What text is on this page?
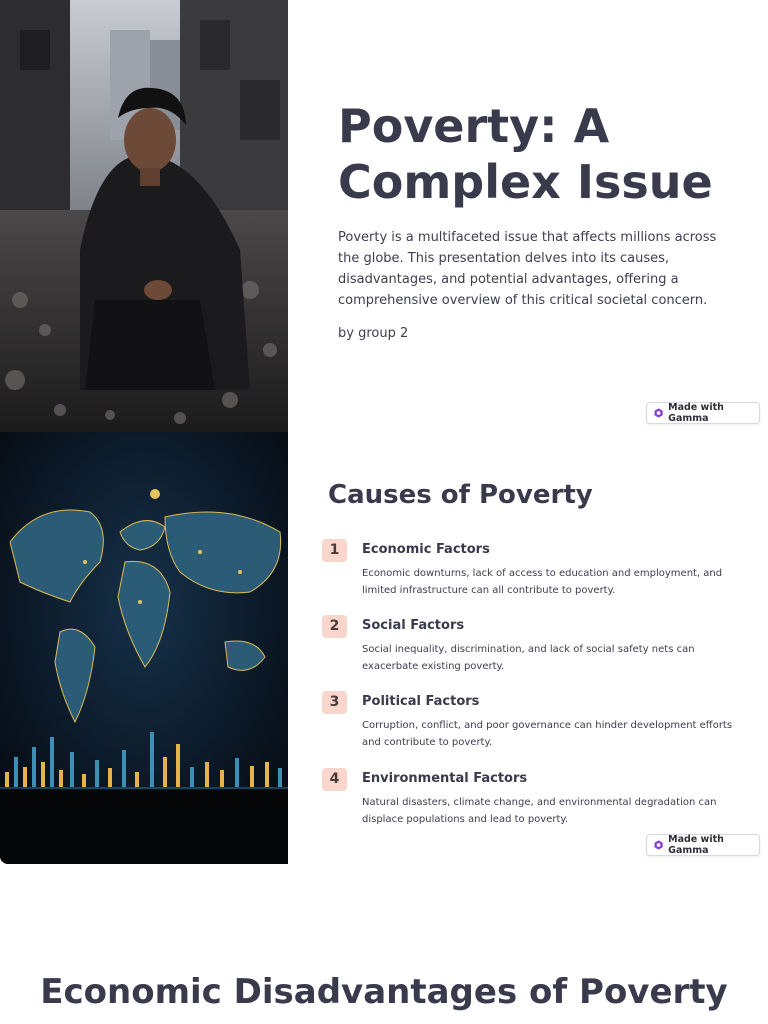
Poverty: A Complex Issue

Poverty is a multifaceted issue that affects millions across the globe. This presentation delves into its causes, disadvantages, and potential advantages, offering a comprehensive overview of this critical societal concern.

by group 2
Made with Gamma
Causes of Poverty
1	Economic Factors
Economic downturns, lack of access to education and employment, and limited infrastructure can all contribute to poverty.
2	Social Factors
Social inequality, discrimination, and lack of social safety nets can exacerbate existing poverty.
3	Political Factors
Corruption, conflict, and poor governance can hinder development efforts and contribute to poverty.
4	Environmental Factors
Natural disasters, climate change, and environmental degradation can displace populations and lead to poverty.
Made with Gamma
Economic Disadvantages of Poverty
